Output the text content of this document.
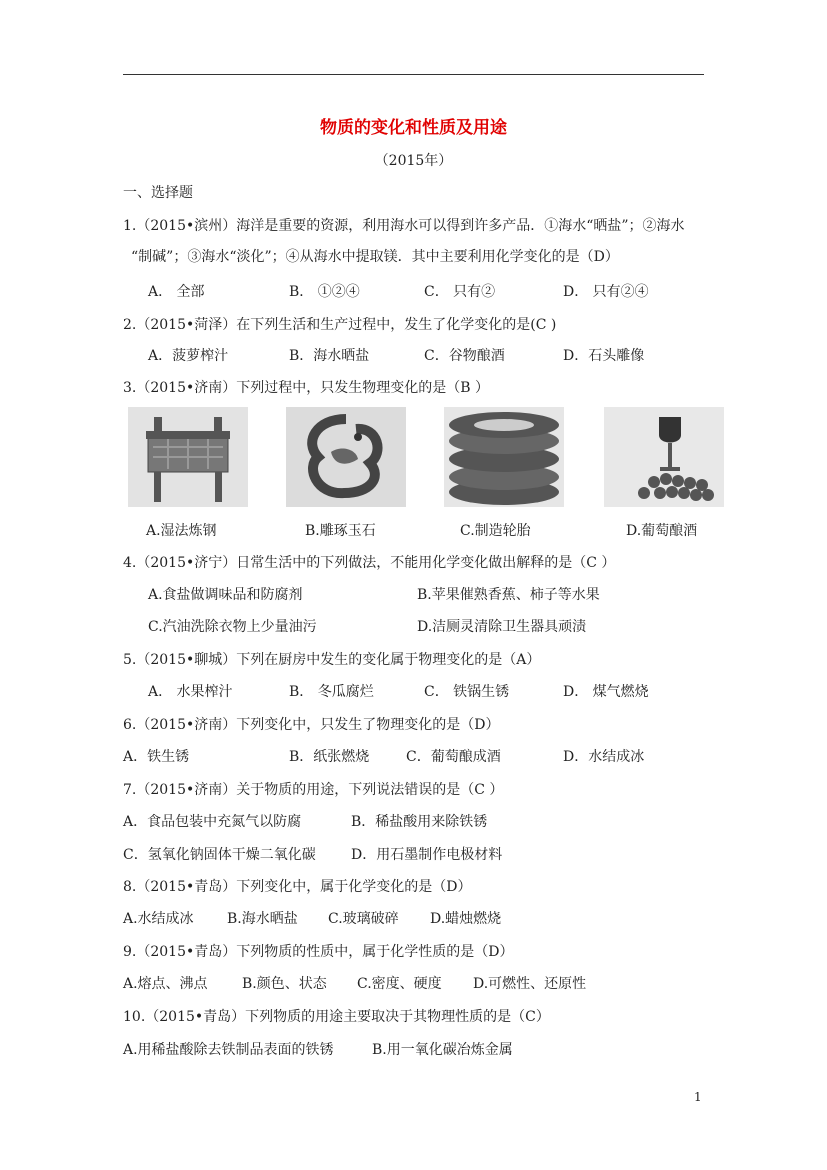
物质的变化和性质及用途
（2015年）
一、选择题
1.（2015•滨州）海洋是重要的资源，利用海水可以得到许多产品．①海水“晒盐”；②海水
“制碱”；③海水“淡化”；④从海水中提取镁．其中主要利用化学变化的是（D）
A． 全部	B． ①②④	C． 只有②	D． 只有②④
2.（2015•菏泽）在下列生活和生产过程中，发生了化学变化的是(C )
A．菠萝榨汁	B．海水晒盐	C．谷物酿酒	D．石头雕像
3.（2015•济南）下列过程中，只发生物理变化的是（B ）
A.湿法炼钢	B.雕琢玉石	C.制造轮胎	D.葡萄酿酒
4.（2015•济宁）日常生活中的下列做法，不能用化学变化做出解释的是（C ）
A.食盐做调味品和防腐剂	B.苹果催熟香蕉、柿子等水果
C.汽油洗除衣物上少量油污	D.洁厕灵清除卫生器具顽渍
5.（2015•聊城）下列在厨房中发生的变化属于物理变化的是（A）
A． 水果榨汁	B． 冬瓜腐烂	C． 铁锅生锈	D． 煤气燃烧
6.（2015•济南）下列变化中，只发生了物理变化的是（D）
A．铁生锈	B．纸张燃烧	C．葡萄酿成酒	D．水结成冰
7.（2015•济南）关于物质的用途，下列说法错误的是（C ）
A．食品包装中充氮气以防腐	B．稀盐酸用来除铁锈
C．氢氧化钠固体干燥二氧化碳	D．用石墨制作电极材料
8.（2015•青岛）下列变化中，属于化学变化的是（D）
A.水结成冰 B.海水晒盐 C.玻璃破碎 D.蜡烛燃烧
9.（2015•青岛）下列物质的性质中，属于化学性质的是（D）
A.熔点、沸点 B.颜色、状态 C.密度、硬度 D.可燃性、还原性
10.（2015•青岛）下列物质的用途主要取决于其物理性质的是（C）
A.用稀盐酸除去铁制品表面的铁锈	B.用一氧化碳冶炼金属
1
